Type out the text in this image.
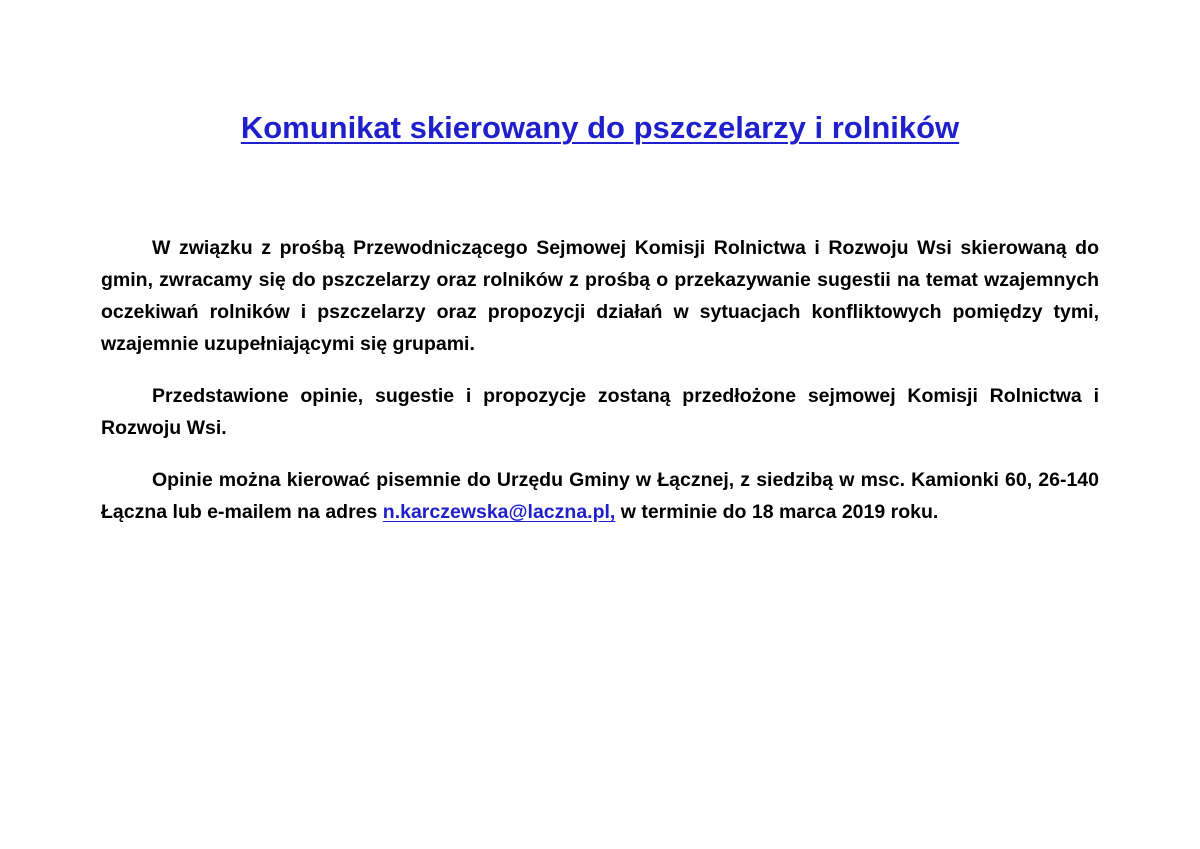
Komunikat skierowany do pszczelarzy i rolników

W związku z prośbą Przewodniczącego Sejmowej Komisji Rolnictwa i Rozwoju Wsi skierowaną do gmin, zwracamy się do pszczelarzy oraz rolników z prośbą o przekazywanie sugestii na temat wzajemnych oczekiwań rolników i pszczelarzy oraz propozycji działań w sytuacjach konfliktowych pomiędzy tymi, wzajemnie uzupełniającymi się grupami.

Przedstawione opinie, sugestie i propozycje zostaną przedłożone sejmowej Komisji Rolnictwa i Rozwoju Wsi.

Opinie można kierować pisemnie do Urzędu Gminy w Łącznej, z siedzibą w msc. Kamionki 60, 26-140 Łączna lub e-mailem na adres n.karczewska@laczna.pl, w terminie do 18 marca 2019 roku.
